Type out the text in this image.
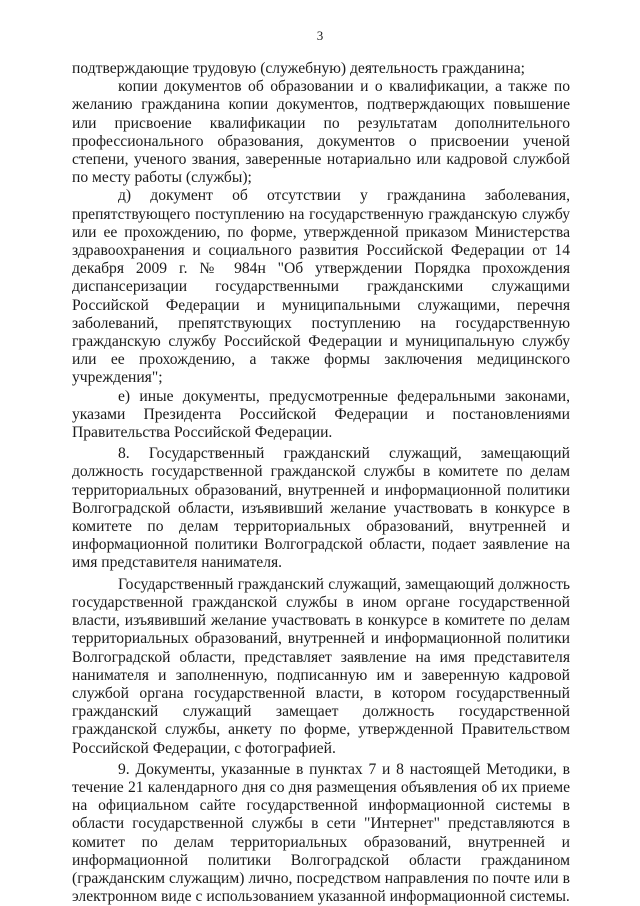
3

подтверждающие трудовую (служебную) деятельность гражданина;

копии документов об образовании и о квалификации, а также по желанию гражданина копии документов, подтверждающих повышение или присвоение квалификации по результатам дополнительного профессионального образования, документов о присвоении ученой степени, ученого звания, заверенные нотариально или кадровой службой по месту работы (службы);

д) документ об отсутствии у гражданина заболевания, препятствующего поступлению на государственную гражданскую службу или ее прохождению, по форме, утвержденной приказом Министерства здравоохранения и социального развития Российской Федерации от 14 декабря 2009 г. № 984н "Об утверждении Порядка прохождения диспансеризации государственными гражданскими служащими Российской Федерации и муниципальными служащими, перечня заболеваний, препятствующих поступлению на государственную гражданскую службу Российской Федерации и муниципальную службу или ее прохождению, а также формы заключения медицинского учреждения";

е) иные документы, предусмотренные федеральными законами, указами Президента Российской Федерации и постановлениями Правительства Российской Федерации.

8. Государственный гражданский служащий, замещающий должность государственной гражданской службы в комитете по делам территориальных образований, внутренней и информационной политики Волгоградской области, изъявивший желание участвовать в конкурсе в комитете по делам территориальных образований, внутренней и информационной политики Волгоградской области, подает заявление на имя представителя нанимателя.

Государственный гражданский служащий, замещающий должность государственной гражданской службы в ином органе государственной власти, изъявивший желание участвовать в конкурсе в комитете по делам территориальных образований, внутренней и информационной политики Волгоградской области, представляет заявление на имя представителя нанимателя и заполненную, подписанную им и заверенную кадровой службой органа государственной власти, в котором государственный гражданский служащий замещает должность государственной гражданской службы, анкету по форме, утвержденной Правительством Российской Федерации, с фотографией.

9. Документы, указанные в пунктах 7 и 8 настоящей Методики, в течение 21 календарного дня со дня размещения объявления об их приеме на официальном сайте государственной информационной системы в области государственной службы в сети "Интернет" представляются в комитет по делам территориальных образований, внутренней и информационной политики Волгоградской области гражданином (гражданским служащим) лично, посредством направления по почте или в электронном виде с использованием указанной информационной системы.
